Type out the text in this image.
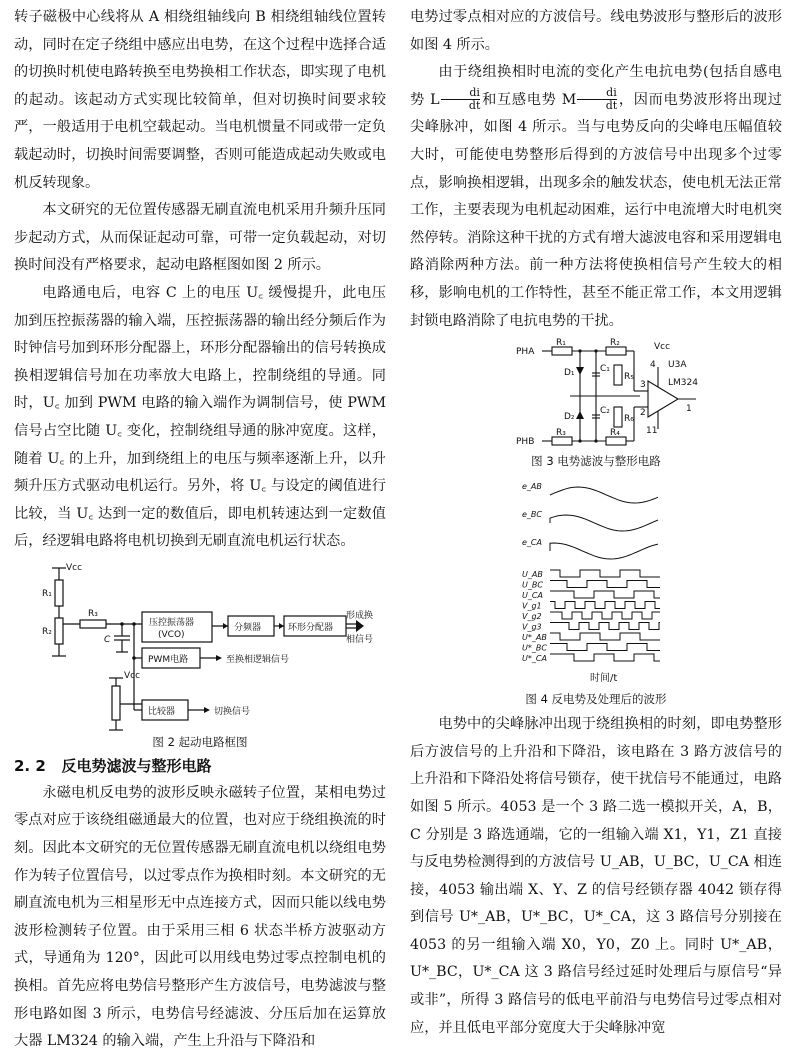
转子磁极中心线将从 A 相绕组轴线向 B 相绕组轴线位置转动，同时在定子绕组中感应出电势，在这个过程中选择合适的切换时机使电路转换至电势换相工作状态，即实现了电机的起动。该起动方式实现比较简单，但对切换时间要求较严，一般适用于电机空载起动。当电机惯量不同或带一定负载起动时，切换时间需要调整，否则可能造成起动失败或电机反转现象。

本文研究的无位置传感器无刷直流电机采用升频升压同步起动方式，从而保证起动可靠，可带一定负载起动，对切换时间没有严格要求，起动电路框图如图 2 所示。

电路通电后，电容 C 上的电压 U꜀ 缓慢提升，此电压加到压控振荡器的输入端，压控振荡器的输出经分频后作为时钟信号加到环形分配器上，环形分配器输出的信号转换成换相逻辑信号加在功率放大电路上，控制绕组的导通。同时，U꜀ 加到 PWM 电路的输入端作为调制信号，使 PWM 信号占空比随 U꜀ 变化，控制绕组导通的脉冲宽度。这样，随着 U꜀ 的上升，加到绕组上的电压与频率逐渐上升，以升频升压方式驱动电机运行。另外，将 U꜀ 与设定的阈值进行比较，当 U꜀ 达到一定的数值后，即电机转速达到一定数值后，经逻辑电路将电机切换到无刷直流电机运行状态。

Vcc
R₁
R₂
R₃
C
压控振荡器
(VCO)
分频器	环形分配器
形成换
相信号
PWM电路	至换相逻辑信号
比较器	切换信号
Vcc

图 2 起动电路框图

2. 2 反电势滤波与整形电路

永磁电机反电势的波形反映永磁转子位置，某相电势过零点对应于该绕组磁通最大的位置，也对应于绕组换流的时刻。因此本文研究的无位置传感器无刷直流电机以绕组电势作为转子位置信号，以过零点作为换相时刻。本文研究的无刷直流电机为三相星形无中点连接方式，因而只能以线电势波形检测转子位置。由于采用三相 6 状态半桥方波驱动方式，导通角为 120°，因此可以用线电势过零点控制电机的换相。首先应将电势信号整形产生方波信号，电势滤波与整形电路如图 3 所示，电势信号经滤波、分压后加在运算放大器 LM324 的输入端，产生上升沿与下降沿和

电势过零点相对应的方波信号。线电势波形与整形后的波形如图 4 所示。

由于绕组换相时电流的变化产生电抗电势(包括自感电势 L $\frac{di}{dt}$ 和互感电势 M $\frac{di}{dt}$ ，因而电势波形将出现过尖峰脉冲，如图 4 所示。当与电势反向的尖峰电压幅值较大时，可能使电势整形后得到的方波信号中出现多个过零点，影响换相逻辑，出现多余的触发状态，使电机无法正常工作，主要表现为电机起动困难，运行中电流增大时电机突然停转。消除这种干扰的方式有增大滤波电容和采用逻辑电路消除两种方法。前一种方法将使换相信号产生较大的相移，影响电机的工作特性，甚至不能正常工作，本文用逻辑封锁电路消除了电抗电势的干扰。

PHA
PHB
R₁	R₂
R₃	R₄
R₅
R₆
D₁
D₂
C₁
C₂
Vcc
U3A
LM324
4
3
2
11
1

图 3 电势滤波与整形电路

e_AB
e_BC
e_CA
U_AB
U_BC
U_CA
V_g1
V_g2
V_g3
U*_AB
U*_BC
U*_CA
时间/t

图 4 反电势及处理后的波形

电势中的尖峰脉冲出现于绕组换相的时刻，即电势整形后方波信号的上升沿和下降沿，该电路在 3 路方波信号的上升沿和下降沿处将信号锁存，使干扰信号不能通过，电路如图 5 所示。4053 是一个 3 路二选一模拟开关，A，B，C 分别是 3 路选通端，它的一组输入端 X1，Y1，Z1 直接与反电势检测得到的方波信号 U_AB，U_BC，U_CA 相连接，4053 输出端 X、Y、Z 的信号经锁存器 4042 锁存得到信号 U*_AB，U*_BC，U*_CA，这 3 路信号分别接在 4053 的另一组输入端 X0，Y0，Z0 上。同时 U*_AB，U*_BC，U*_CA 这 3 路信号经过延时处理后与原信号“异或非”，所得 3 路信号的低电平前沿与电势信号过零点相对应，并且低电平部分宽度大于尖峰脉冲宽
